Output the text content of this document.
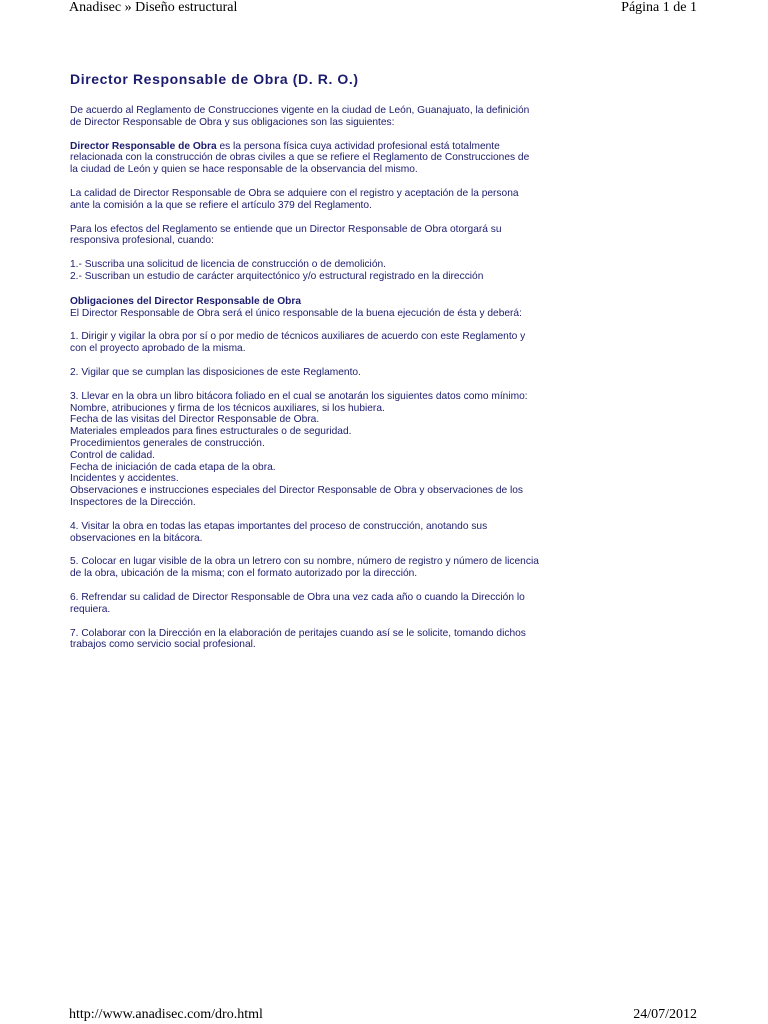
Anadisec » Diseño estructural	Página 1 de 1
Director Responsable de Obra (D. R. O.)

De acuerdo al Reglamento de Construcciones vigente en la ciudad de León, Guanajuato, la definición de Director Responsable de Obra y sus obligaciones son las siguientes:

Director Responsable de Obra es la persona física cuya actividad profesional está totalmente relacionada con la construcción de obras civiles a que se refiere el Reglamento de Construcciones de la ciudad de León y quien se hace responsable de la observancia del mismo.

La calidad de Director Responsable de Obra se adquiere con el registro y aceptación de la persona ante la comisión a la que se refiere el artículo 379 del Reglamento.

Para los efectos del Reglamento se entiende que un Director Responsable de Obra otorgará su responsiva profesional, cuando:

1.- Suscriba una solicitud de licencia de construcción o de demolición.
2.- Suscriban un estudio de carácter arquitectónico y/o estructural registrado en la dirección

Obligaciones del Director Responsable de Obra

El Director Responsable de Obra será el único responsable de la buena ejecución de ésta y deberá:

1. Dirigir y vigilar la obra por sí o por medio de técnicos auxiliares de acuerdo con este Reglamento y con el proyecto aprobado de la misma.

2. Vigilar que se cumplan las disposiciones de este Reglamento.

3. Llevar en la obra un libro bitácora foliado en el cual se anotarán los siguientes datos como mínimo:
Nombre, atribuciones y firma de los técnicos auxiliares, si los hubiera.
Fecha de las visitas del Director Responsable de Obra.
Materiales empleados para fines estructurales o de seguridad.
Procedimientos generales de construcción.
Control de calidad.
Fecha de iniciación de cada etapa de la obra.
Incidentes y accidentes.
Observaciones e instrucciones especiales del Director Responsable de Obra y observaciones de los Inspectores de la Dirección.

4. Visitar la obra en todas las etapas importantes del proceso de construcción, anotando sus observaciones en la bitácora.

5. Colocar en lugar visible de la obra un letrero con su nombre, número de registro y número de licencia de la obra, ubicación de la misma; con el formato autorizado por la dirección.

6. Refrendar su calidad de Director Responsable de Obra una vez cada año o cuando la Dirección lo requiera.

7. Colaborar con la Dirección en la elaboración de peritajes cuando así se le solicite, tomando dichos trabajos como servicio social profesional.

http://www.anadisec.com/dro.html	24/07/2012
